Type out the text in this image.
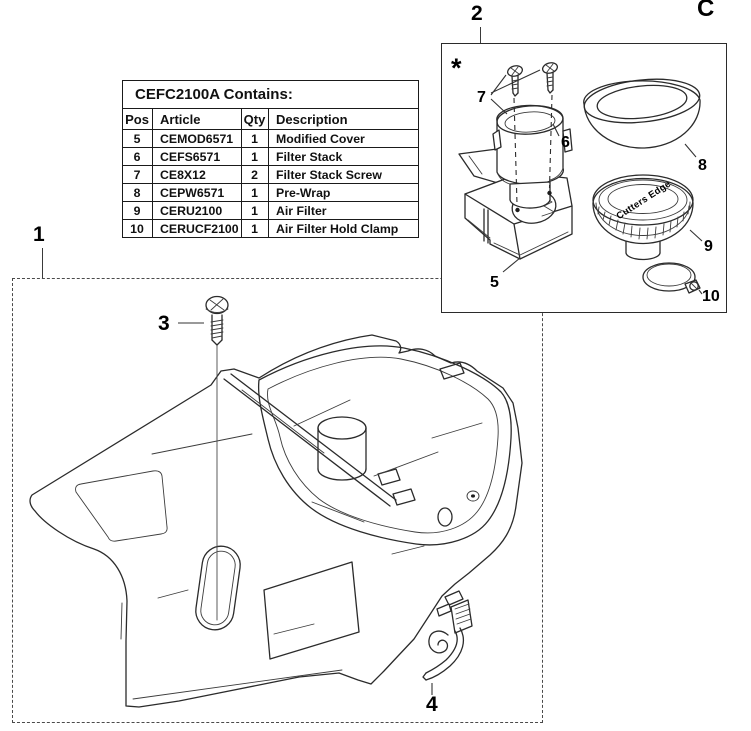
C
1
2
CEFC2100A Contains:			
Pos	Article	Qty	Description
5	CEMOD6571	1	Modified Cover
6	CEFS6571	1	Filter Stack
7	CE8X12	2	Filter Stack Screw
8	CEPW6571	1	Pre-Wrap
9	CERU2100	1	Air Filter
10	CERUCF2100	1	Air Filter Hold Clamp
3
4
*
Cutters Edge
7
6
5
8
9
10
